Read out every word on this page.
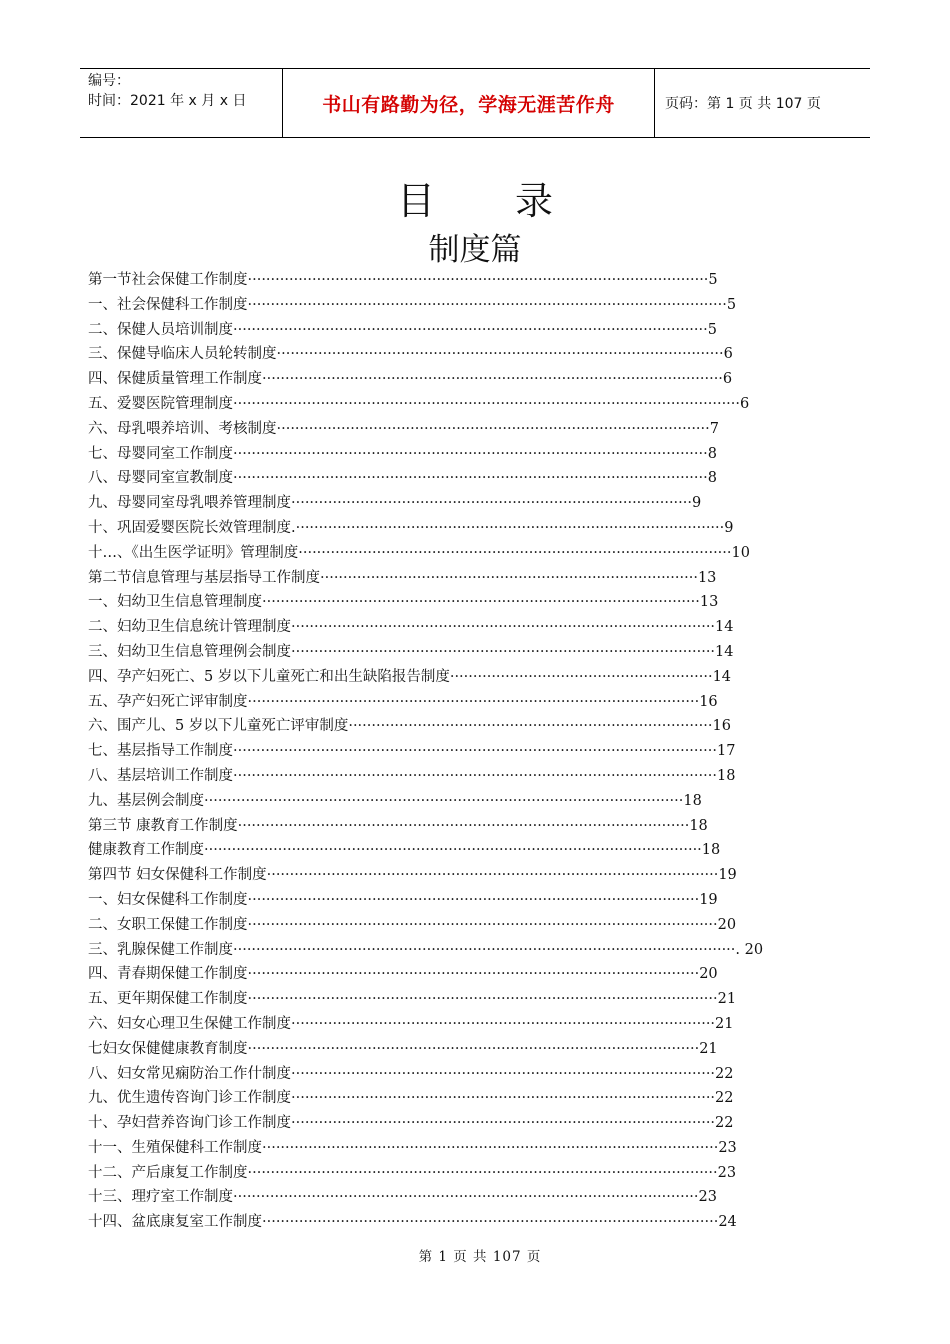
编号：
时间：2021 年 x 月 x 日	书山有路勤为径，学海无涯苦作舟	页码：第 1 页 共 107 页
目录
制度篇
第一节社会保健工作制度 ···································································································· 5
一、社会保健科工作制度 ········································································································ 5
二、保健人员培训制度 ······································································································· 5
三、保健导临床人员轮转制度 ································································································· 6
四、保健质量管理工作制度 ···································································································· 6
五、爱婴医院管理制度 ·············································································································· 6
六、母乳喂养培训、考核制度 ······························································································ 7
七、母婴同室工作制度 ······································································································· 8
八、母婴同室宣教制度 ······································································································· 8
九、母婴同室母乳喂养管理制度 ······················································································· 9
十、巩固爱婴医院长效管理制度. ····························································································· 9
十…、《出生医学证明》管理制度 ······························································································ 10
第二节信息管理与基层指导工作制度 ·················································································· 13
一、妇幼卫生信息管理制度 ······························································································· 13
二、妇幼卫生信息统计管理制度 ···························································································· 14
三、妇幼卫生信息管理例会制度 ···························································································· 14
四、孕产妇死亡、5 岁以下儿童死亡和出生缺陷报告制度 ························································· 14
五、孕产妇死亡评审制度 ·································································································· 16
六、围产儿、5 岁以下儿童死亡评审制度 ··············································································· 16
七、基层指导工作制度 ········································································································· 17
八、基层培训工作制度 ········································································································· 18
九、基层例会制度 ········································································································ 18
第三节 康教育工作制度 ·································································································· 18
健康教育工作制度 ············································································································ 18
第四节 妇女保健科工作制度 ·································································································· 19
一、妇女保健科工作制度 ·································································································· 19
二、女职工保健工作制度 ······································································································ 20
三、乳腺保健工作制度 ············································································································· . 20
四、青春期保健工作制度 ·································································································· 20
五、更年期保健工作制度 ······································································································ 21
六、妇女心理卫生保健工作制度 ···························································································· 21
七妇女保健健康教育制度 ·································································································· 21
八、妇女常见痫防治工作什制度 ···························································································· 22
九、优生遗传咨询门诊工作制度 ···························································································· 22
十、孕妇营养咨询门诊工作制度 ···························································································· 22
十一、生殖保健科工作制度 ··································································································· 23
十二、产后康复工作制度 ······································································································ 23
十三、理疗室工作制度 ····································································································· 23
十四、盆底康复室工作制度 ··································································································· 24
第 1 页 共 107 页
